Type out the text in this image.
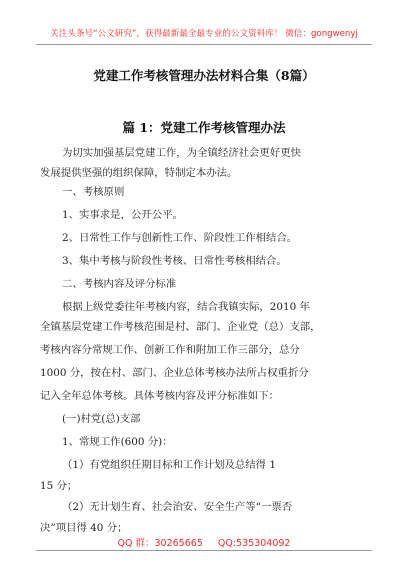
关注头条号“公文研究”，获得最新最全最专业的公文资料库！ 微信：gongwenyj
党建工作考核管理办法材料合集（8篇）
篇 1：党建工作考核管理办法
为切实加强基层党建工作，为全镇经济社会更好更快
发展提供坚强的组织保障，特制定本办法。
一、考核原则
1、实事求是，公开公平。
2、日常性工作与创新性工作、阶段性工作相结合。
3、集中考核与阶段性考核、日常性考核相结合。
二、考核内容及评分标准
根据上级党委往年考核内容，结合我镇实际，2010 年
全镇基层党建工作考核范围是村、部门、企业党（总）支部，
考核内容分常规工作、创新工作和附加工作三部分，总分
1000 分，按在村、部门、企业总体考核办法所占权重折分
记入全年总体考核。具体考核内容及评分标准如下：
(一)村党(总)支部
1、常规工作(600 分)：
（1）有党组织任期目标和工作计划及总结得 1
15 分；
（2）无计划生育、社会治安、安全生产等“一票否
决”项目得 40 分；
QQ 群：30265665 QQ:535304092
